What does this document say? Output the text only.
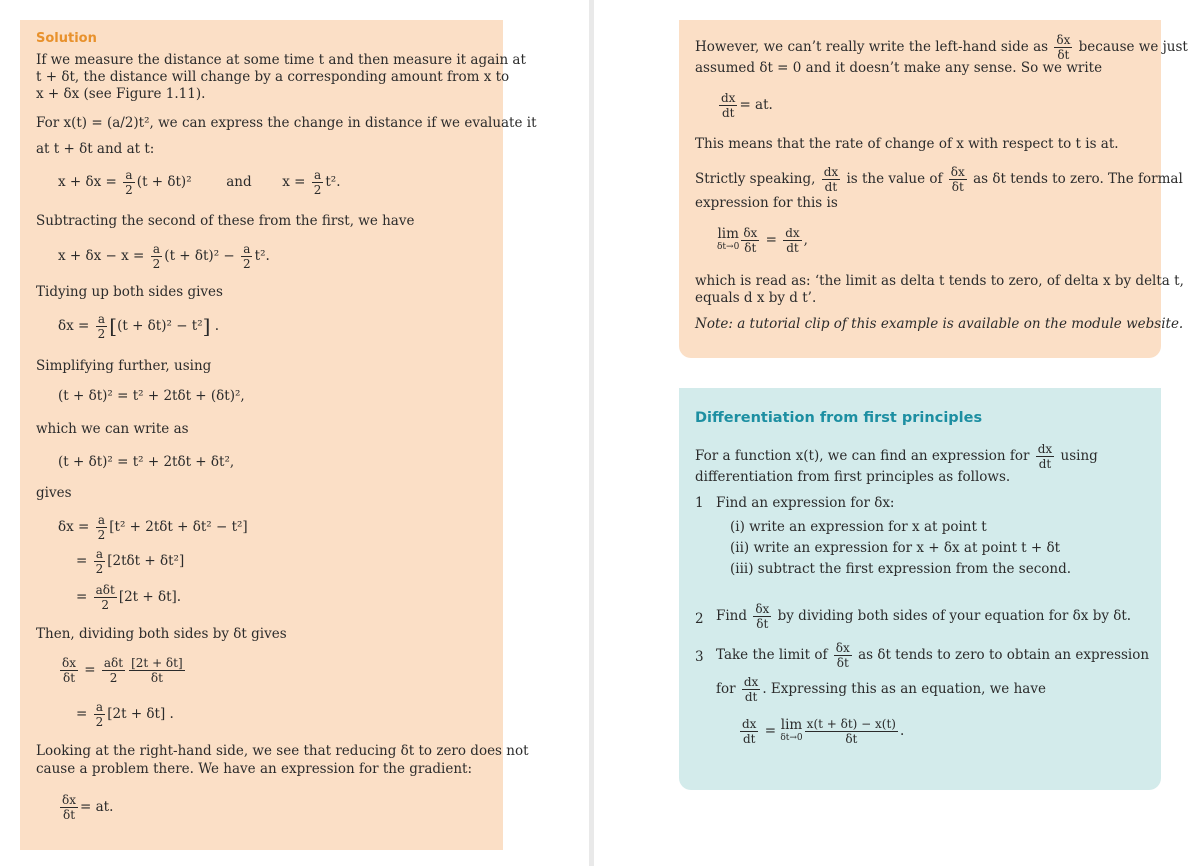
Solution
If we measure the distance at some time t and then measure it again at
t + δt, the distance will change by a corresponding amount from x to
x + δx (see Figure 1.11).
For x(t) = (a/2)t², we can express the change in distance if we evaluate it
at t + δt and at t:
$x + \delta x = \frac{a}{2} (t + \delta t)^2$	and $x = \frac{a}{2} t^2$.
Subtracting the second of these from the first, we have
$x + \delta x - x = \frac{a}{2} (t + \delta t)^2 - \frac{a}{2} t^2$.
Tidying up both sides gives
$\delta x = \frac{a}{2} [(t + \delta t)^2 - t^2]$ .
Simplifying further, using
(t + δt)² = t² + 2tδt + (δt)²,
which we can write as
(t + δt)² = t² + 2tδt + δt²,
gives
$\delta x = \frac{a}{2} [t^2 + 2t\delta t + \delta t^2 - t^2]$
= $\frac{a}{2} [2t\delta t + \delta t^2]$
= $\frac{\text{aδt}}{2} [2t + \delta t]$.
Then, dividing both sides by δt gives
$\frac{\delta x}{\delta t} = \frac{\text{aδt}}{2} \frac{[2t + \delta t]}{\delta t}$
= $\frac{a}{2} [2t + \delta t]$ .
Looking at the right-hand side, we see that reducing δt to zero does not
cause a problem there. We have an expression for the gradient:
$\frac{\delta x}{\delta t}$ = at.
However, we can’t really write the left-hand side as $\frac{\delta x}{\delta t}$ because we just
assumed δt = 0 and it doesn’t make any sense. So we write
$\frac{dx}{dt}$ = at.
This means that the rate of change of x with respect to t is at.
Strictly speaking, $\frac{dx}{dt}$ is the value of $\frac{\delta x}{\delta t}$ as δt tends to zero. The formal
expression for this is
lim
$\delta t\to 0 \frac{\delta x}{\delta t} = \frac{dx}{dt}$ ,
which is read as: ‘the limit as delta t tends to zero, of delta x by delta t,
equals d x by d t’.
Note: a tutorial clip of this example is available on the module website.
Differentiation from first principles
For a function x(t), we can find an expression for $\frac{dx}{dt}$ using
differentiation from first principles as follows.
1 Find an expression for δx:
(i) write an expression for x at point t
(ii) write an expression for x + δx at point t + δt
(iii) subtract the first expression from the second.
2 Find $\frac{\delta x}{\delta t}$ by dividing both sides of your equation for δx by δt.
3 Take the limit of $\frac{\delta x}{\delta t}$ as δt tends to zero to obtain an expression
for $\frac{dx}{dt}$ . Expressing this as an equation, we have
$\frac{dx}{dt} = \lim$
$\delta t\to 0 \frac{x(t + \delta t) - x(t)}{\delta t}$ .
